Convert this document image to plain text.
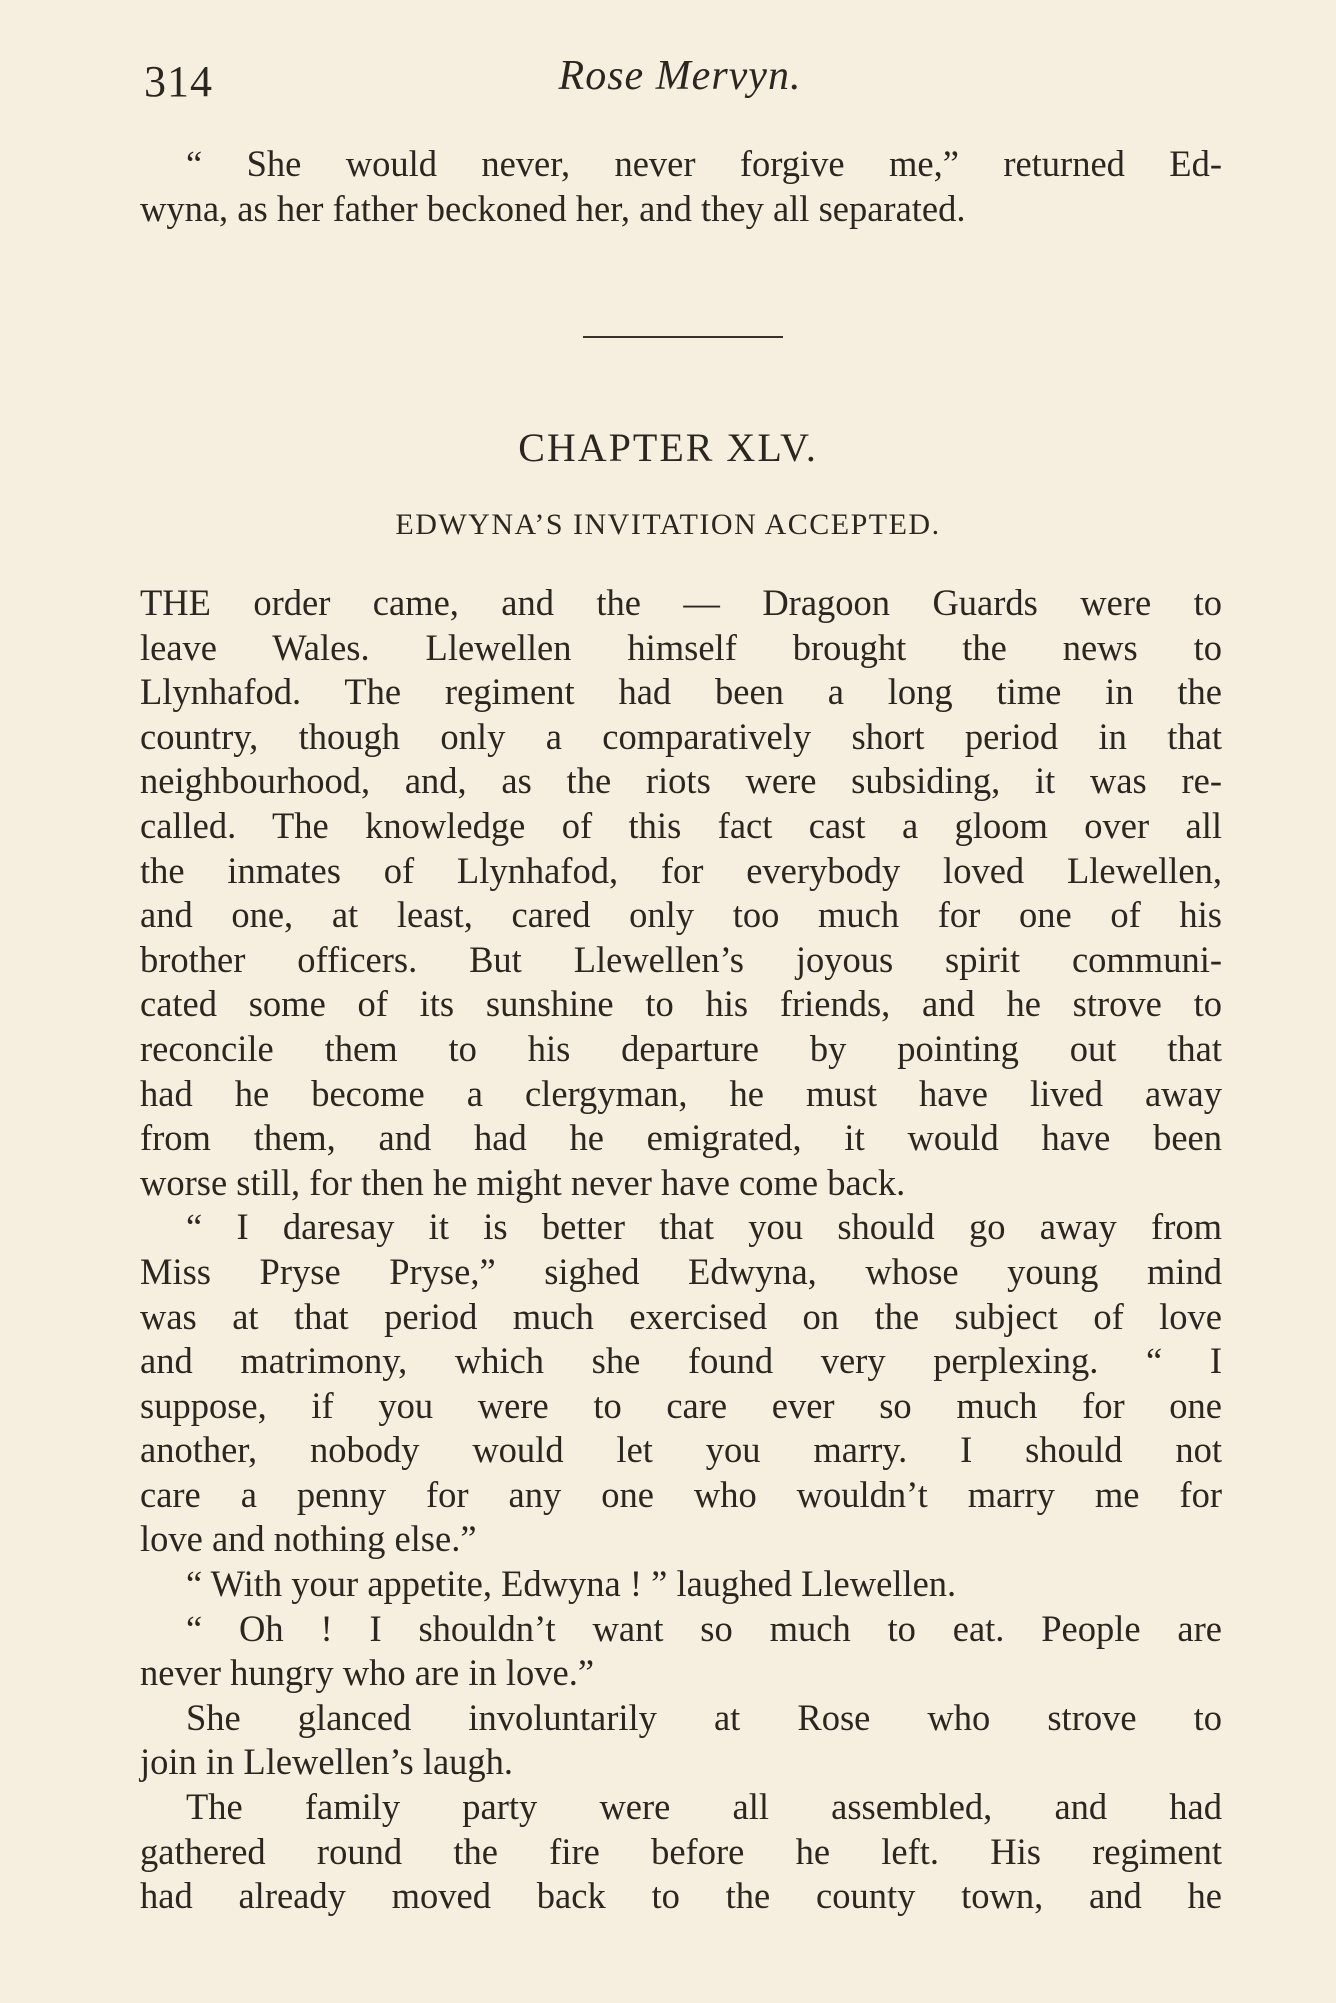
314	Rose Mervyn.

“ She would never, never forgive me,” returned Ed-

wyna, as her father beckoned her, and they all separated.

CHAPTER XLV.
EDWYNA’S INVITATION ACCEPTED.

THE order came, and the — Dragoon Guards were to

leave Wales. Llewellen himself brought the news to

Llynhafod. The regiment had been a long time in the

country, though only a comparatively short period in that

neighbourhood, and, as the riots were subsiding, it was re-

called. The knowledge of this fact cast a gloom over all

the inmates of Llynhafod, for everybody loved Llewellen,

and one, at least, cared only too much for one of his

brother officers. But Llewellen’s joyous spirit communi-

cated some of its sunshine to his friends, and he strove to

reconcile them to his departure by pointing out that

had he become a clergyman, he must have lived away

from them, and had he emigrated, it would have been

worse still, for then he might never have come back.

“ I daresay it is better that you should go away from

Miss Pryse Pryse,” sighed Edwyna, whose young mind

was at that period much exercised on the subject of love

and matrimony, which she found very perplexing. “ I

suppose, if you were to care ever so much for one

another, nobody would let you marry. I should not

care a penny for any one who wouldn’t marry me for

love and nothing else.”

“ With your appetite, Edwyna ! ” laughed Llewellen.

“ Oh ! I shouldn’t want so much to eat. People are

never hungry who are in love.”

She glanced involuntarily at Rose who strove to

join in Llewellen’s laugh.

The family party were all assembled, and had

gathered round the fire before he left. His regiment

had already moved back to the county town, and he
